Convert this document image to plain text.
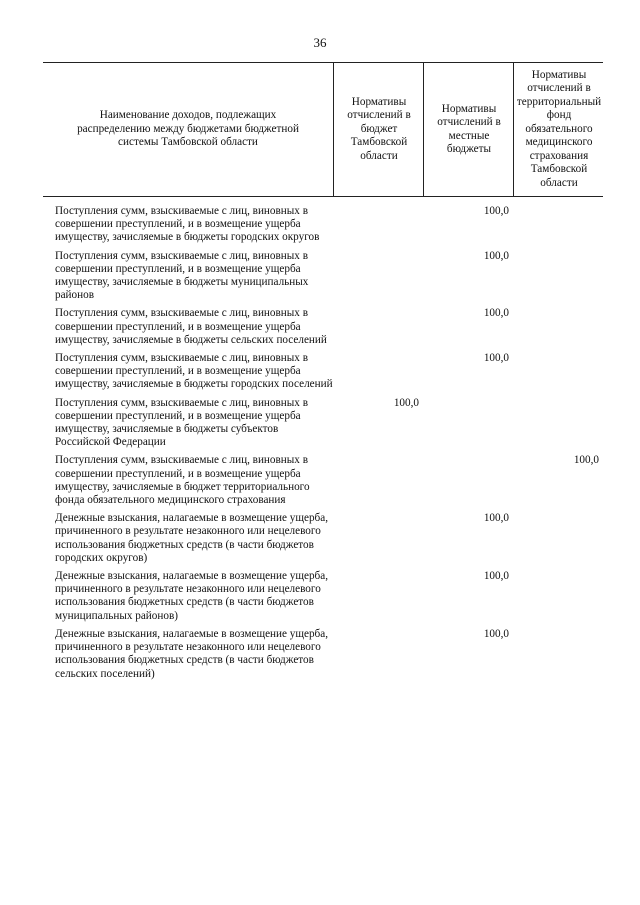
36
Наименование доходов, подлежащих распределению между бюджетами бюджетной системы Тамбовской области
Нормативы отчислений в бюджет Тамбовской области
Нормативы отчислений в местные бюджеты
Нормативы отчислений в территориальный фонд обязательного медицинского страхования Тамбовской области
Поступления сумм, взыскиваемые с лиц, виновных в совершении преступлений, и в возмещение ущерба имуществу, зачисляемые в бюджеты городских округов
100,0
Поступления сумм, взыскиваемые с лиц, виновных в совершении преступлений, и в возмещение ущерба имуществу, зачисляемые в бюджеты муниципальных районов
100,0
Поступления сумм, взыскиваемые с лиц, виновных в совершении преступлений, и в возмещение ущерба имуществу, зачисляемые в бюджеты сельских поселений
100,0
Поступления сумм, взыскиваемые с лиц, виновных в совершении преступлений, и в возмещение ущерба имуществу, зачисляемые в бюджеты городских поселений
100,0
Поступления сумм, взыскиваемые с лиц, виновных в совершении преступлений, и в возмещение ущерба имуществу, зачисляемые в бюджеты субъектов Российской Федерации
100,0
Поступления сумм, взыскиваемые с лиц, виновных в совершении преступлений, и в возмещение ущерба имуществу, зачисляемые в бюджет территориального фонда обязательного медицинского страхования
100,0
Денежные взыскания, налагаемые в возмещение ущерба, причиненного в результате незаконного или нецелевого использования бюджетных средств (в части бюджетов городских округов)
100,0
Денежные взыскания, налагаемые в возмещение ущерба, причиненного в результате незаконного или нецелевого использования бюджетных средств (в части бюджетов муниципальных районов)
100,0
Денежные взыскания, налагаемые в возмещение ущерба, причиненного в результате незаконного или нецелевого использования бюджетных средств (в части бюджетов сельских поселений)
100,0
